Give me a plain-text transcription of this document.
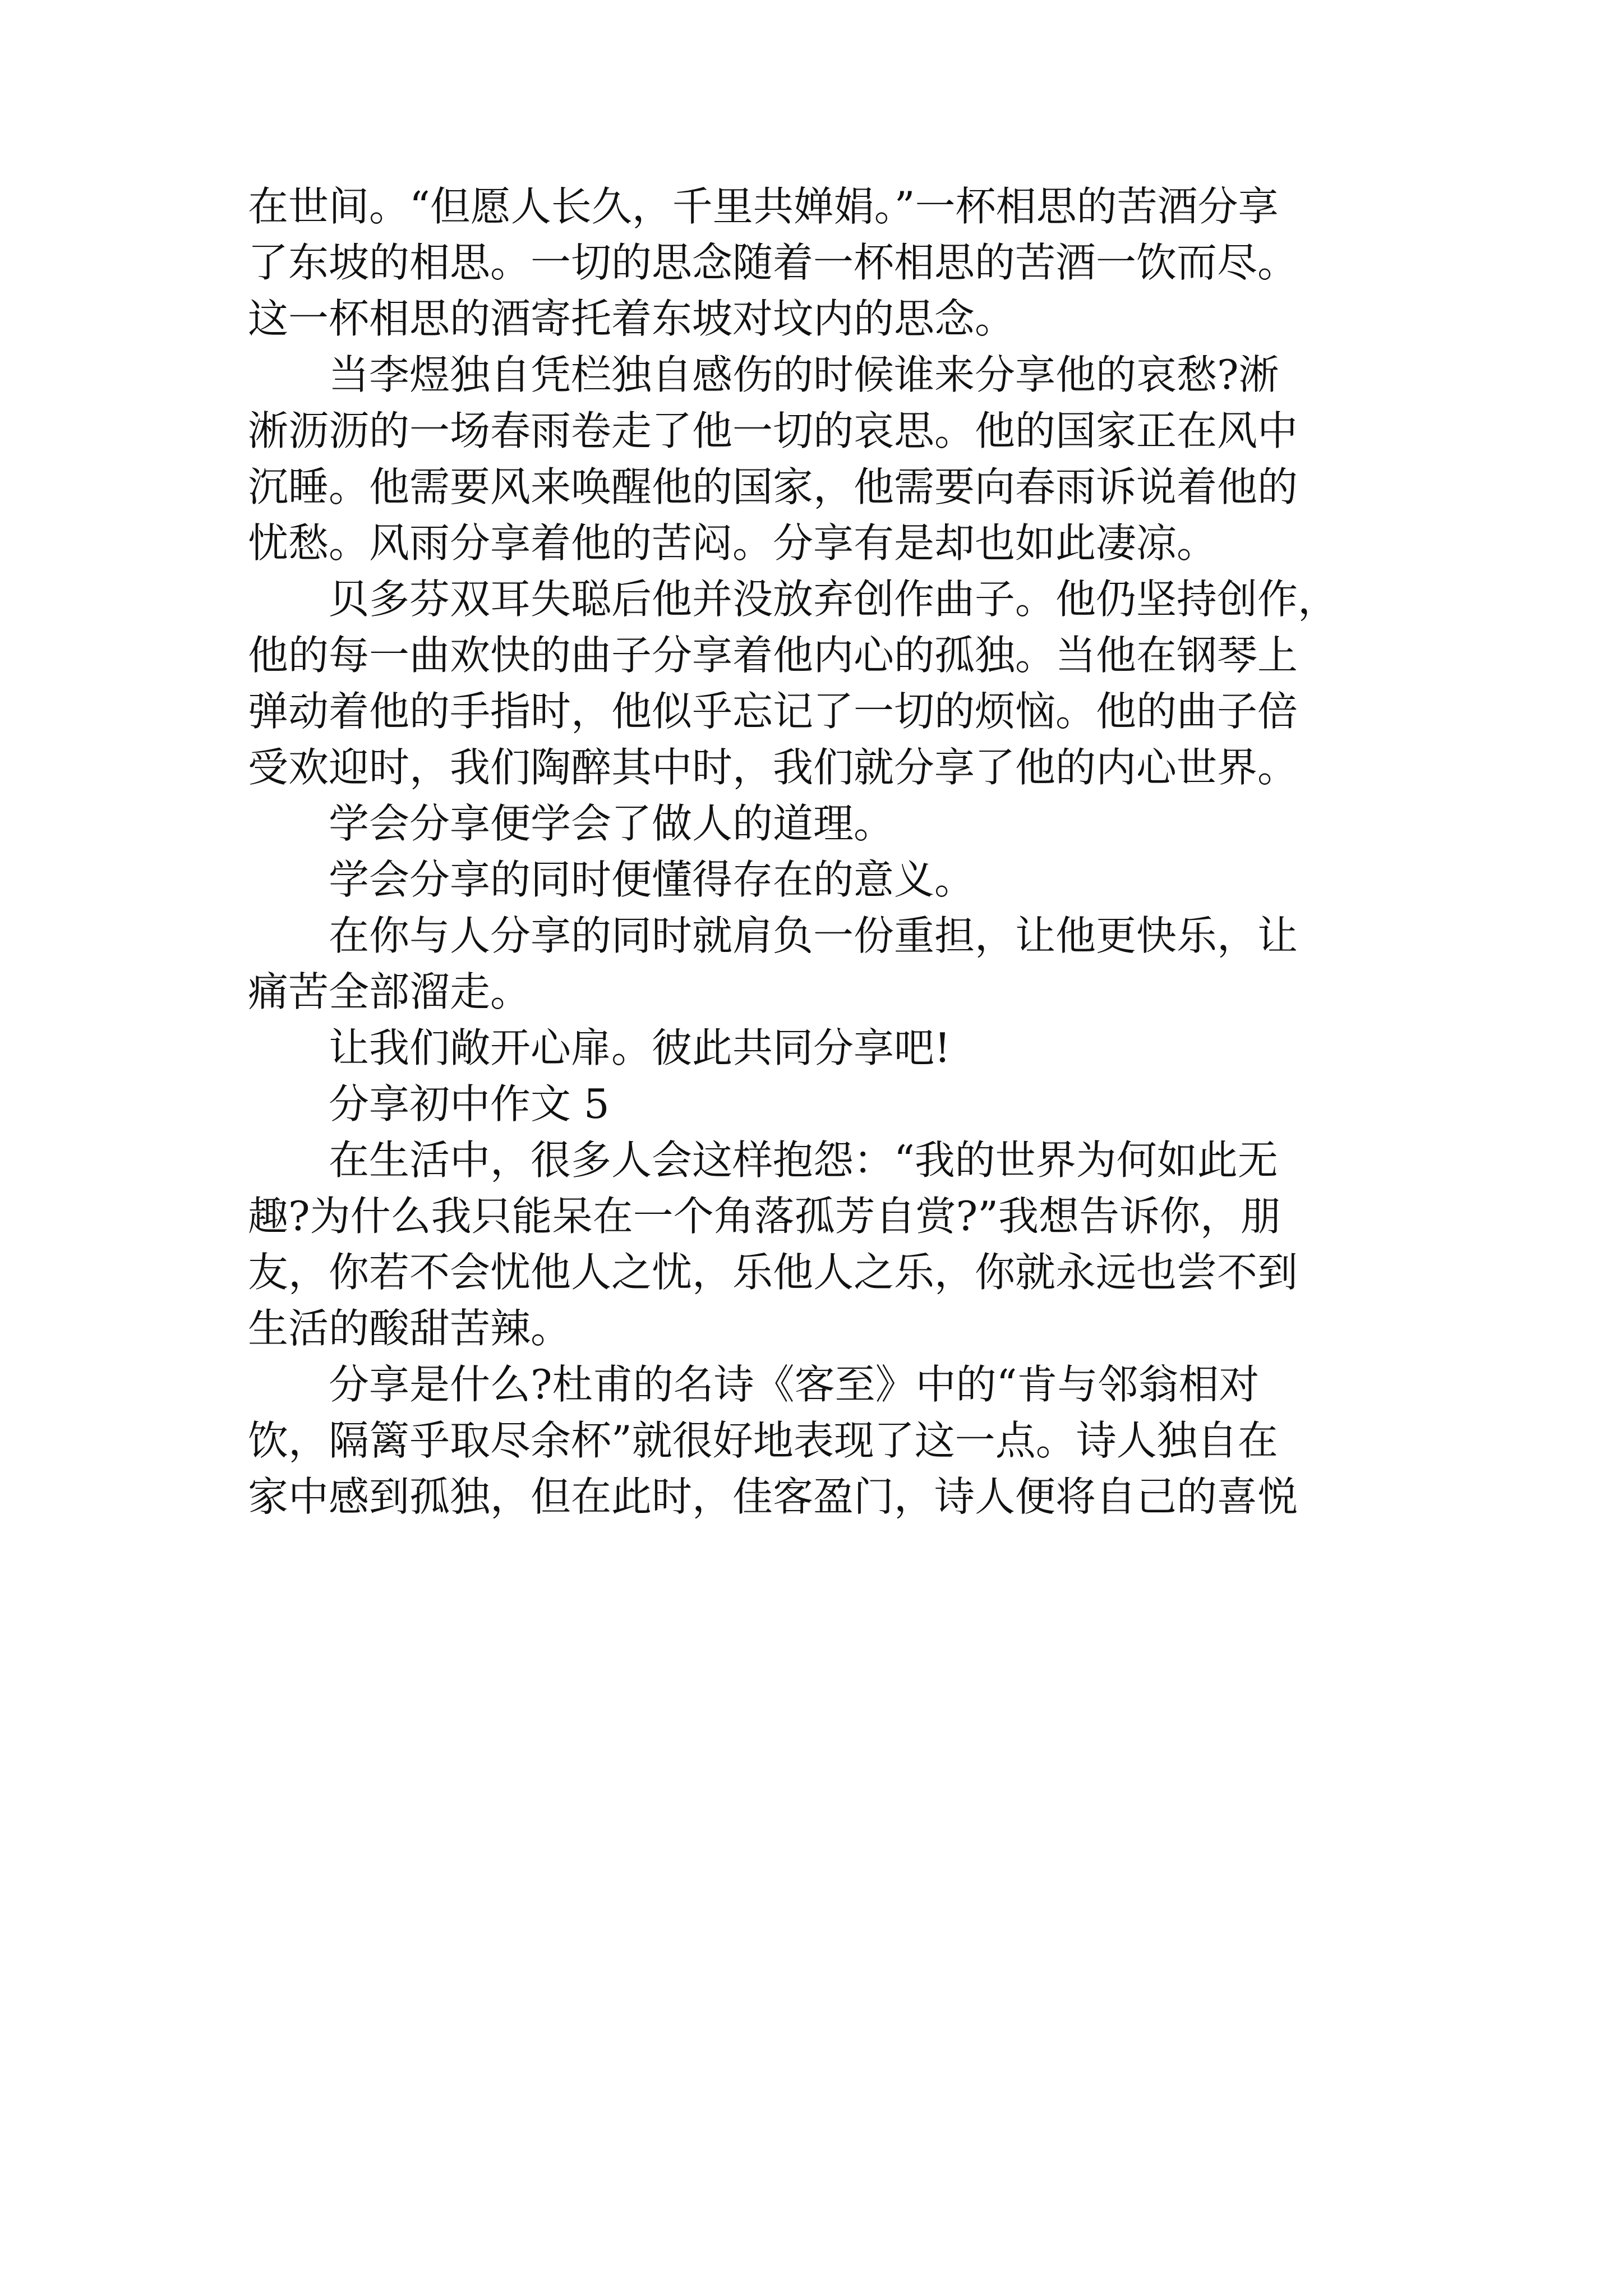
在世间。“但愿人长久，千里共婵娟。”一杯相思的苦酒分享
了东坡的相思。一切的思念随着一杯相思的苦酒一饮而尽。
这一杯相思的酒寄托着东坡对坟内的思念。
　　当李煜独自凭栏独自感伤的时候谁来分享他的哀愁?淅
淅沥沥的一场春雨卷走了他一切的哀思。他的国家正在风中
沉睡。他需要风来唤醒他的国家，他需要向春雨诉说着他的
忧愁。风雨分享着他的苦闷。分享有是却也如此凄凉。
　　贝多芬双耳失聪后他并没放弃创作曲子。他仍坚持创作，
他的每一曲欢快的曲子分享着他内心的孤独。当他在钢琴上
弹动着他的手指时，他似乎忘记了一切的烦恼。他的曲子倍
受欢迎时，我们陶醉其中时，我们就分享了他的内心世界。
　　学会分享便学会了做人的道理。
　　学会分享的同时便懂得存在的意义。
　　在你与人分享的同时就肩负一份重担，让他更快乐，让
痛苦全部溜走。
　　让我们敞开心扉。彼此共同分享吧!
　　分享初中作文 5
　　在生活中，很多人会这样抱怨：“我的世界为何如此无
趣?为什么我只能呆在一个角落孤芳自赏?”我想告诉你，朋
友，你若不会忧他人之忧，乐他人之乐，你就永远也尝不到
生活的酸甜苦辣。
　　分享是什么?杜甫的名诗《客至》中的“肯与邻翁相对
饮，隔篱乎取尽余杯”就很好地表现了这一点。诗人独自在
家中感到孤独，但在此时，佳客盈门，诗人便将自己的喜悦
